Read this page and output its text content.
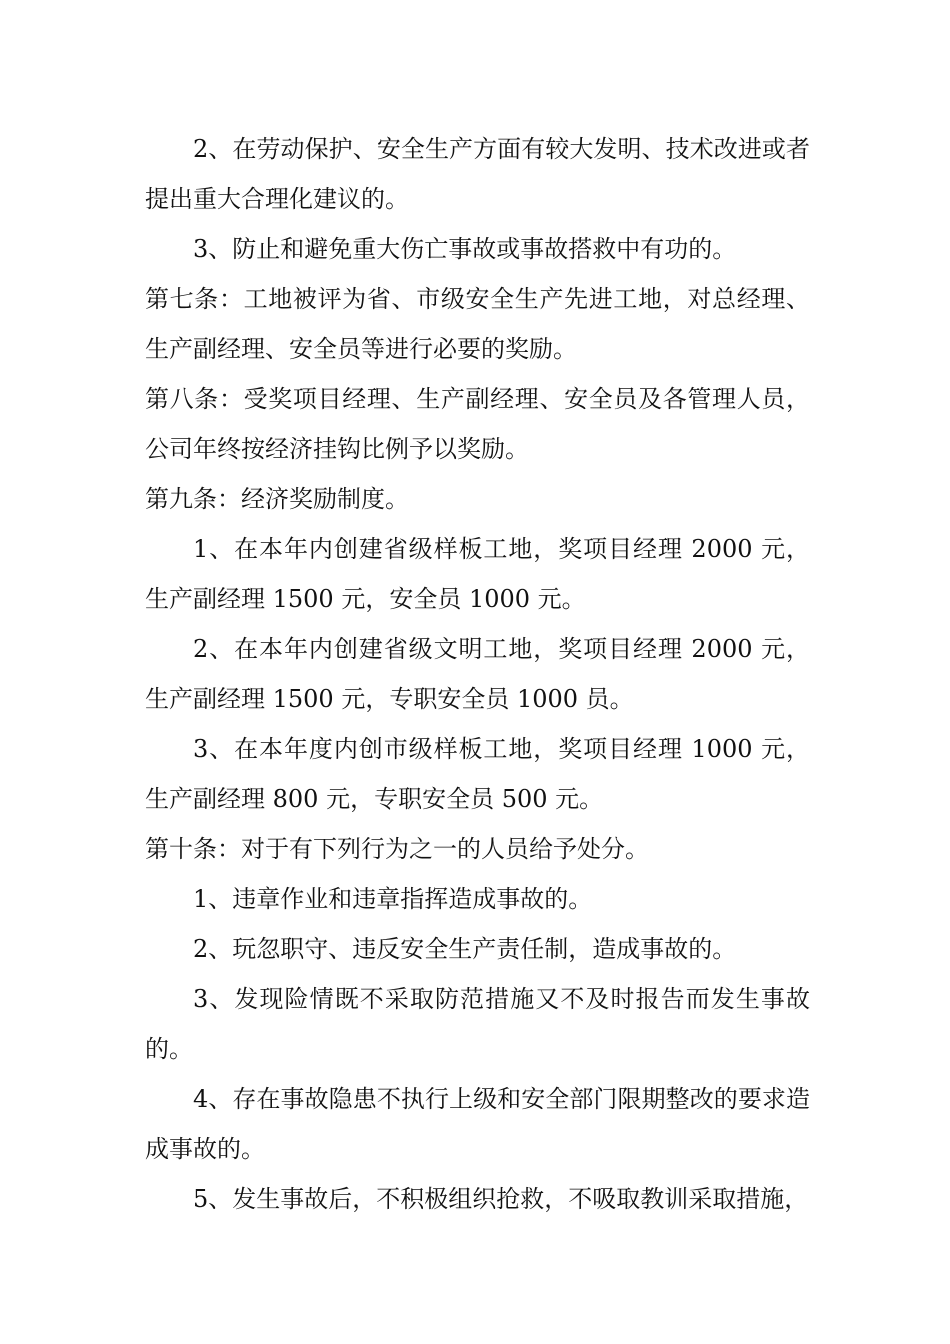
2、在劳动保护、安全生产方面有较大发明、技术改进或者提出重大合理化建议的。

3、防止和避免重大伤亡事故或事故搭救中有功的。

第七条：工地被评为省、市级安全生产先进工地，对总经理、生产副经理、安全员等进行必要的奖励。

第八条：受奖项目经理、生产副经理、安全员及各管理人员，公司年终按经济挂钩比例予以奖励。

第九条：经济奖励制度。

1、在本年内创建省级样板工地，奖项目经理 2000 元，生产副经理 1500 元，安全员 1000 元。

2、在本年内创建省级文明工地，奖项目经理 2000 元，生产副经理 1500 元，专职安全员 1000 员。

3、在本年度内创市级样板工地，奖项目经理 1000 元，生产副经理 800 元，专职安全员 500 元。

第十条：对于有下列行为之一的人员给予处分。

1、违章作业和违章指挥造成事故的。

2、玩忽职守、违反安全生产责任制，造成事故的。

3、发现险情既不采取防范措施又不及时报告而发生事故的。

4、存在事故隐患不执行上级和安全部门限期整改的要求造成事故的。

5、发生事故后，不积极组织抢救，不吸取教训采取措施，
